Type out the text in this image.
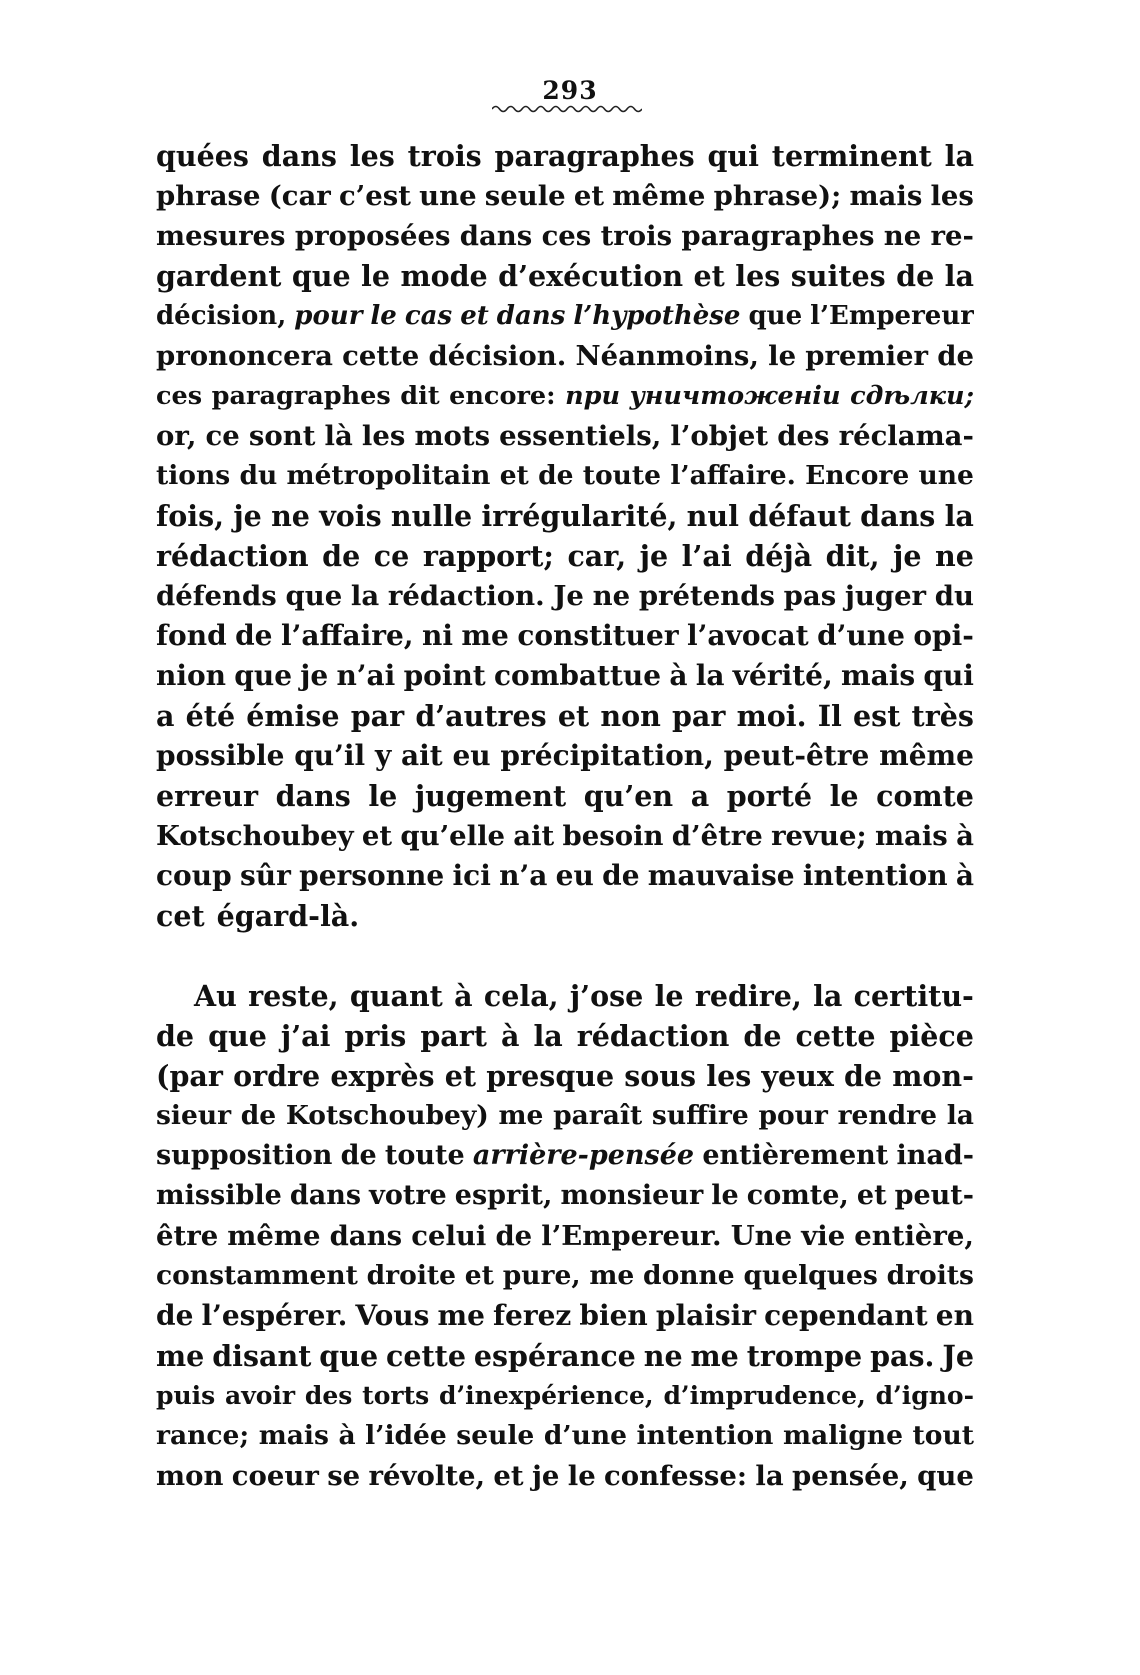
293
quées dans les trois paragraphes qui terminent la
phrase (car c’est une seule et même phrase); mais les
mesures proposées dans ces trois paragraphes ne re-
gardent que le mode d’exécution et les suites de la
décision, pour le cas et dans l’hypothèse que l’Empereur
prononcera cette décision. Néanmoins, le premier de
ces paragraphes dit encore: при уничтоженіи сдѣлки;
or, ce sont là les mots essentiels, l’objet des réclama-
tions du métropolitain et de toute l’affaire. Encore une
fois, je ne vois nulle irrégularité, nul défaut dans la
rédaction de ce rapport; car, je l’ai déjà dit, je ne
défends que la rédaction. Je ne prétends pas juger du
fond de l’affaire, ni me constituer l’avocat d’une opi-
nion que je n’ai point combattue à la vérité, mais qui
a été émise par d’autres et non par moi. Il est très
possible qu’il y ait eu précipitation, peut-être même
erreur dans le jugement qu’en a porté le comte
Kotschoubey et qu’elle ait besoin d’être revue; mais à
coup sûr personne ici n’a eu de mauvaise intention à
cet égard-là.
Au reste, quant à cela, j’ose le redire, la certitu-
de que j’ai pris part à la rédaction de cette pièce
(par ordre exprès et presque sous les yeux de mon-
sieur de Kotschoubey) me paraît suffire pour rendre la
supposition de toute arrière-pensée entièrement inad-
missible dans votre esprit, monsieur le comte, et peut-
être même dans celui de l’Empereur. Une vie entière,
constamment droite et pure, me donne quelques droits
de l’espérer. Vous me ferez bien plaisir cependant en
me disant que cette espérance ne me trompe pas. Je
puis avoir des torts d’inexpérience, d’imprudence, d’igno-
rance; mais à l’idée seule d’une intention maligne tout
mon coeur se révolte, et je le confesse: la pensée, que
